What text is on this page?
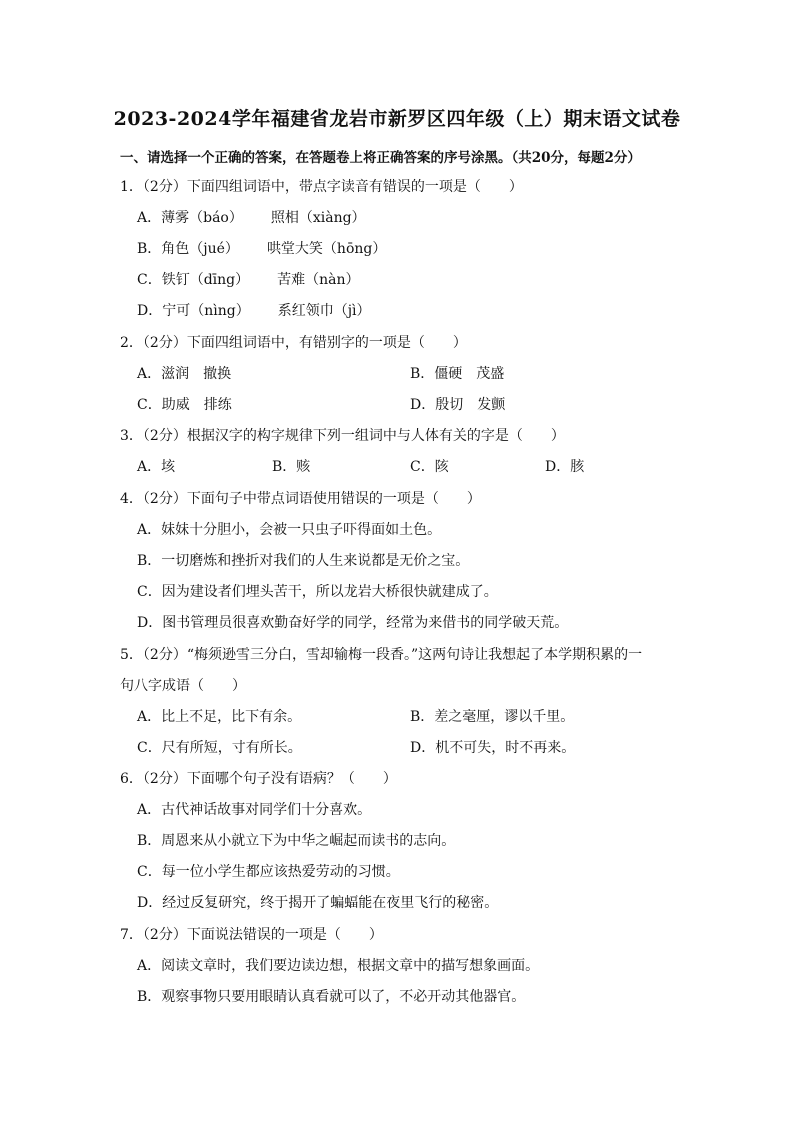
2023-2024学年福建省龙岩市新罗区四年级（上）期末语文试卷
一、请选择一个正确的答案，在答题卷上将正确答案的序号涂黑。（共20分，每题2分）
1．（2分）下面四组词语中，带点字读音有错误的一项是（　　）
A．薄雾（báo） 照相（xiàng）
B．角色（jué） 哄堂大笑（hōng）
C．铁钉（dīng） 苦难（nàn）
D．宁可（nìng） 系红领巾（jì）
2．（2分）下面四组词语中，有错别字的一项是（　　）
A．滋润　撤换	B．僵硬　茂盛
C．助威　排练	D．殷切　发颤
3．（2分）根据汉字的构字规律下列一组词中与人体有关的字是（　　）
A．垓	B．赅	C．陔	D．胲
4．（2分）下面句子中带点词语使用错误的一项是（　　）
A．妹妹十分胆小，会被一只虫子吓得面如土色。
B．一切磨炼和挫折对我们的人生来说都是无价之宝。
C．因为建设者们埋头苦干，所以龙岩大桥很快就建成了。
D．图书管理员很喜欢勤奋好学的同学，经常为来借书的同学破天荒。
5．（2分）“梅须逊雪三分白，雪却输梅一段香。”这两句诗让我想起了本学期积累的一
句八字成语（　　）
A．比上不足，比下有余。	B．差之毫厘，谬以千里。
C．尺有所短，寸有所长。	D．机不可失，时不再来。
6．（2分）下面哪个句子没有语病？（　　）
A．古代神话故事对同学们十分喜欢。
B．周恩来从小就立下为中华之崛起而读书的志向。
C．每一位小学生都应该热爱劳动的习惯。
D．经过反复研究，终于揭开了蝙蝠能在夜里飞行的秘密。
7．（2分）下面说法错误的一项是（　　）
A．阅读文章时，我们要边读边想，根据文章中的描写想象画面。
B．观察事物只要用眼睛认真看就可以了，不必开动其他器官。
